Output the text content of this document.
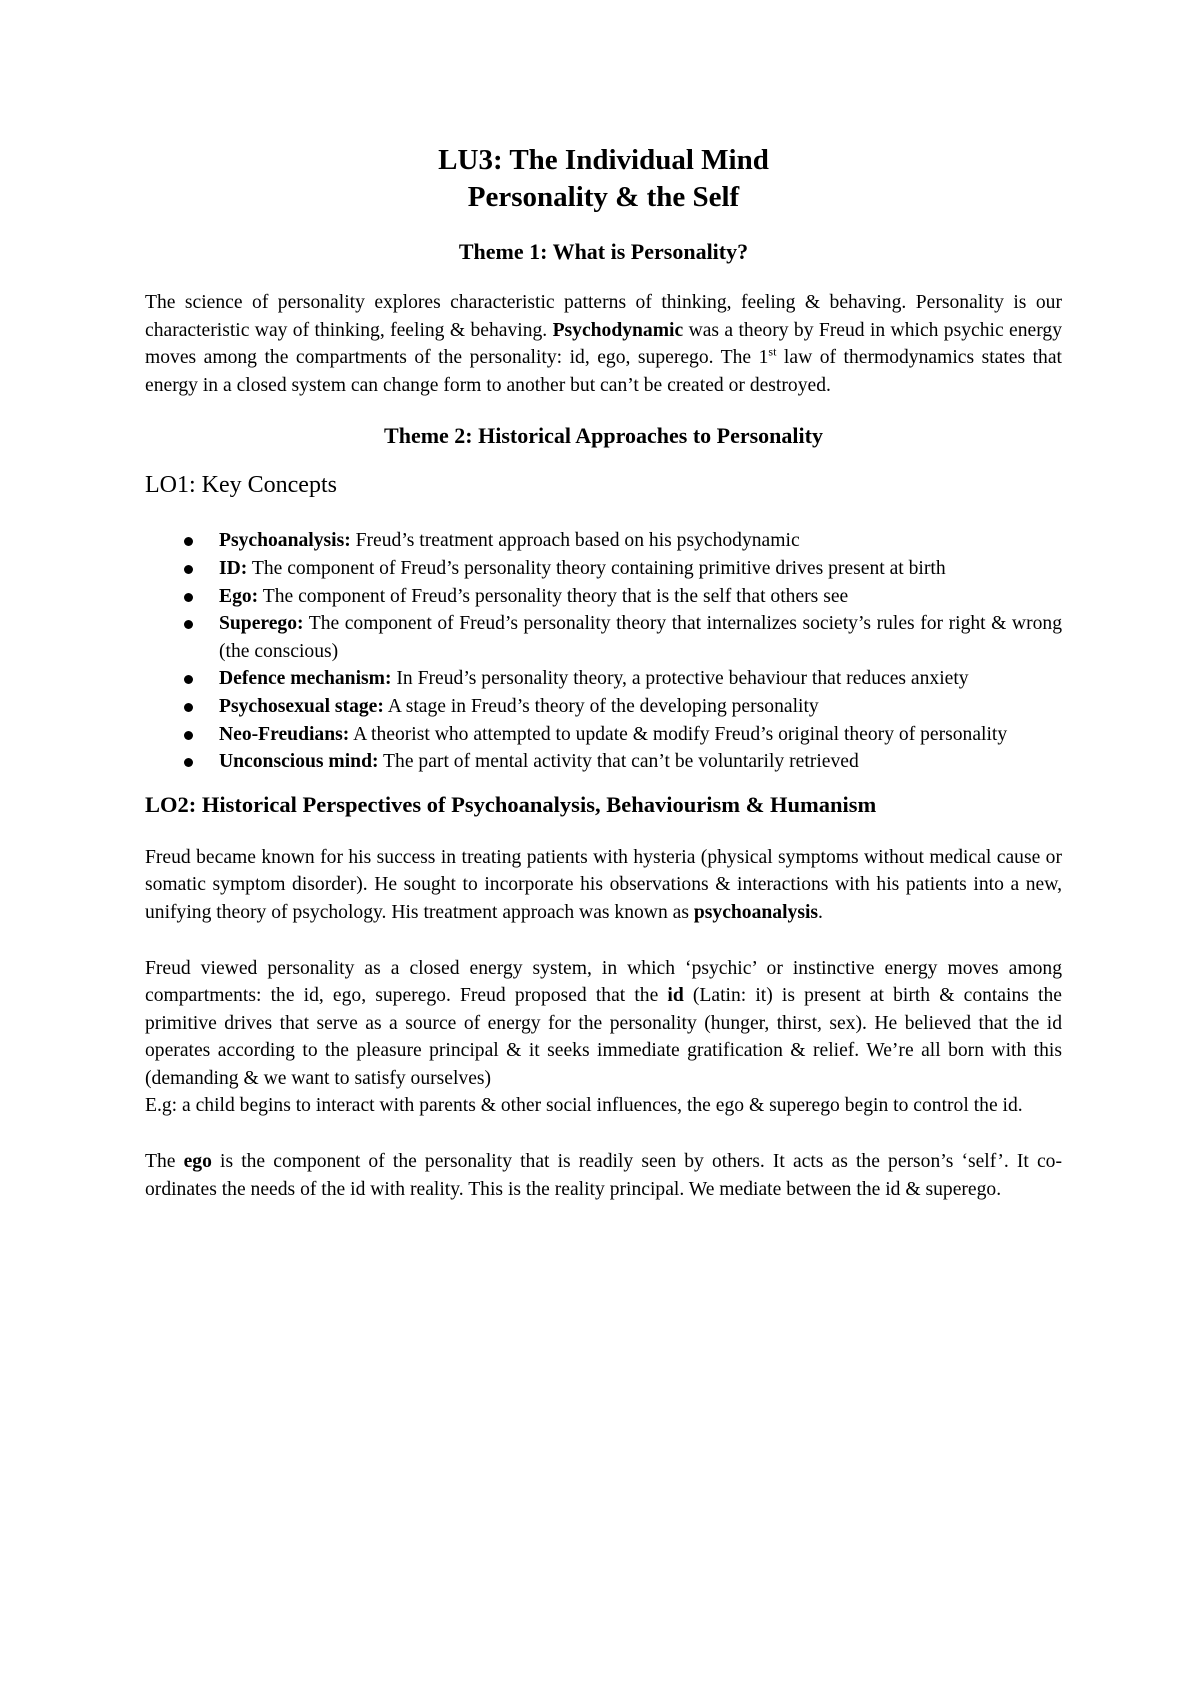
LU3: The Individual Mind
Personality & the Self
Theme 1: What is Personality?

The science of personality explores characteristic patterns of thinking, feeling & behaving. Personality is our characteristic way of thinking, feeling & behaving. Psychodynamic was a theory by Freud in which psychic energy moves among the compartments of the personality: id, ego, superego. The 1st law of thermodynamics states that energy in a closed system can change form to another but can’t be created or destroyed.

Theme 2: Historical Approaches to Personality
LO1: Key Concepts
Psychoanalysis: Freud’s treatment approach based on his psychodynamic
ID: The component of Freud’s personality theory containing primitive drives present at birth
Ego: The component of Freud’s personality theory that is the self that others see
Superego: The component of Freud’s personality theory that internalizes society’s rules for right & wrong (the conscious)
Defence mechanism: In Freud’s personality theory, a protective behaviour that reduces anxiety
Psychosexual stage: A stage in Freud’s theory of the developing personality
Neo-Freudians: A theorist who attempted to update & modify Freud’s original theory of personality
Unconscious mind: The part of mental activity that can’t be voluntarily retrieved
LO2: Historical Perspectives of Psychoanalysis, Behaviourism & Humanism

Freud became known for his success in treating patients with hysteria (physical symptoms without medical cause or somatic symptom disorder). He sought to incorporate his observations & interactions with his patients into a new, unifying theory of psychology. His treatment approach was known as psychoanalysis.

Freud viewed personality as a closed energy system, in which ‘psychic’ or instinctive energy moves among compartments: the id, ego, superego. Freud proposed that the id (Latin: it) is present at birth & contains the primitive drives that serve as a source of energy for the personality (hunger, thirst, sex). He believed that the id operates according to the pleasure principal & it seeks immediate gratification & relief. We’re all born with this (demanding & we want to satisfy ourselves)
E.g: a child begins to interact with parents & other social influences, the ego & superego begin to control the id.

The ego is the component of the personality that is readily seen by others. It acts as the person’s ‘self’. It co-ordinates the needs of the id with reality. This is the reality principal. We mediate between the id & superego.
